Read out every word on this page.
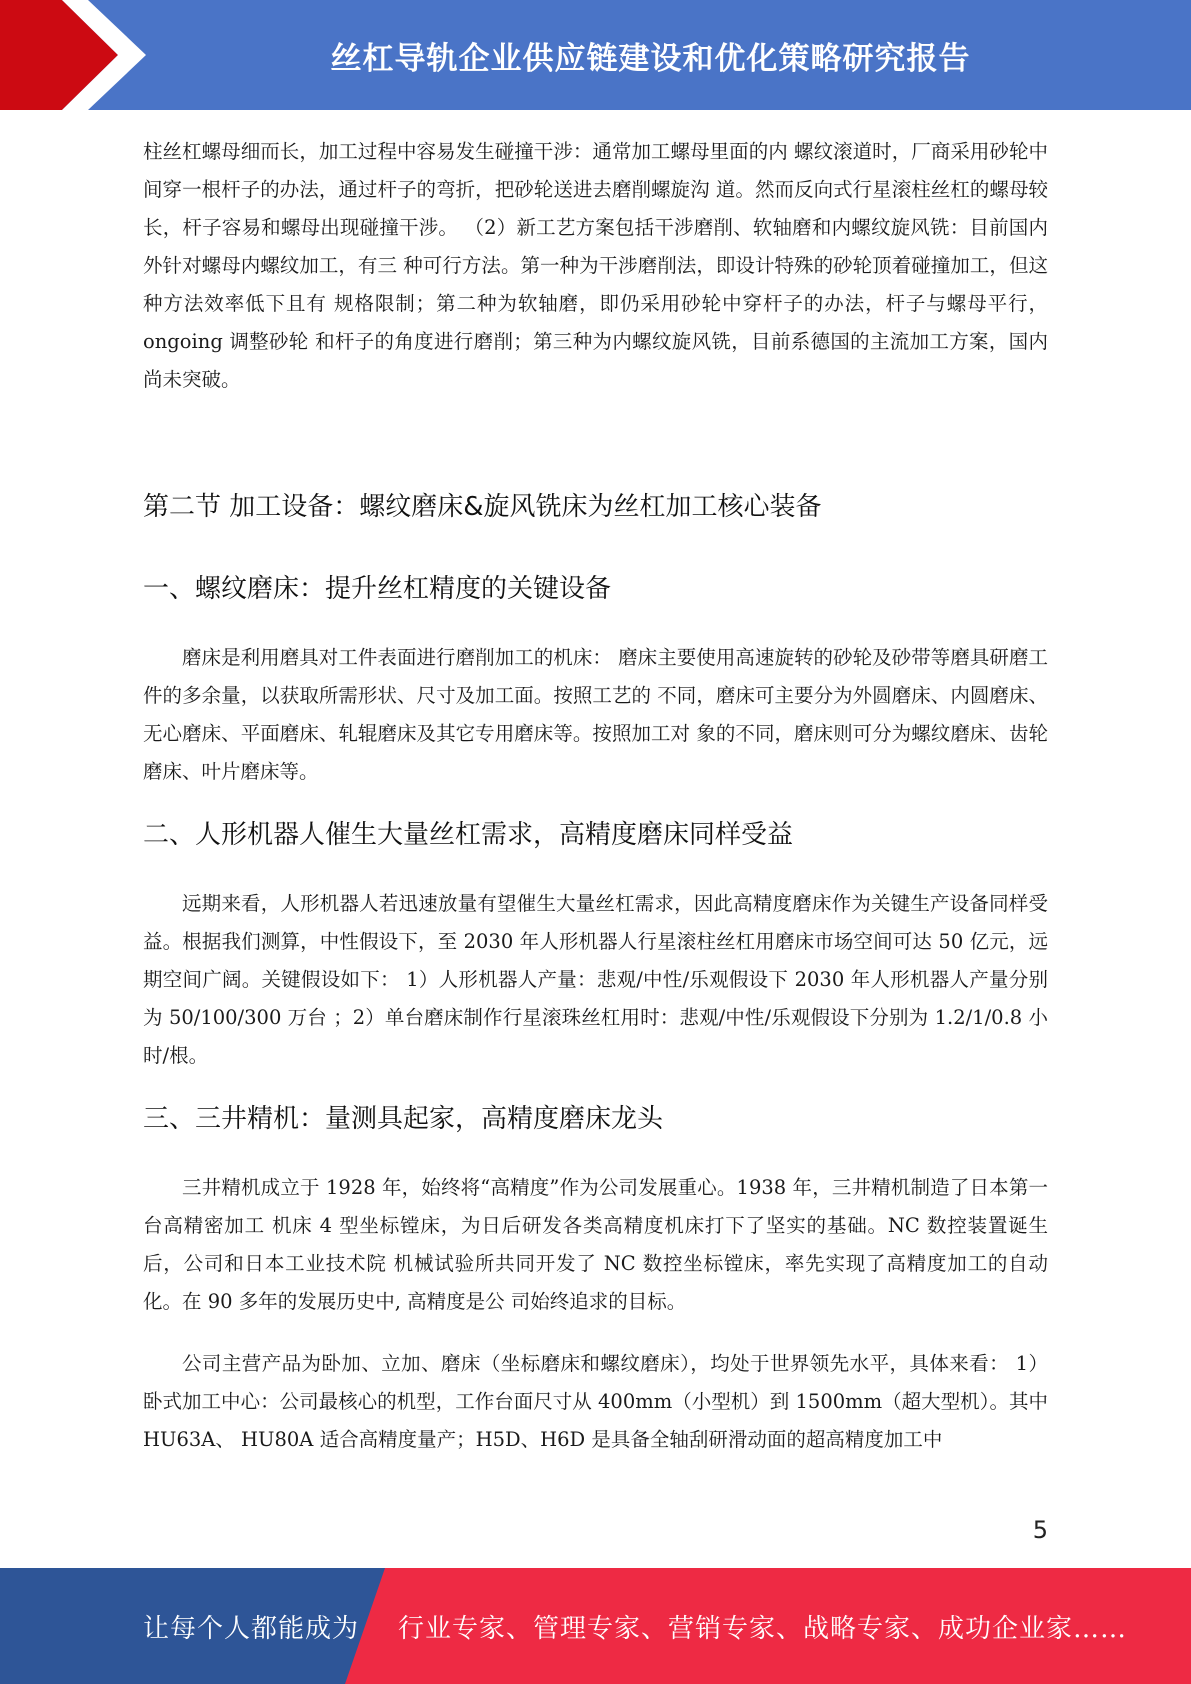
丝杠导轨企业供应链建设和优化策略研究报告

柱丝杠螺母细而长，加工过程中容易发生碰撞干涉：通常加工螺母里面的内 螺纹滚道时，厂商采用砂轮中间穿一根杆子的办法，通过杆子的弯折，把砂轮送进去磨削螺旋沟 道。然而反向式行星滚柱丝杠的螺母较长，杆子容易和螺母出现碰撞干涉。 （2）新工艺方案包括干涉磨削、软轴磨和内螺纹旋风铣：目前国内外针对螺母内螺纹加工，有三 种可行方法。第一种为干涉磨削法，即设计特殊的砂轮顶着碰撞加工，但这种方法效率低下且有 规格限制；第二种为软轴磨，即仍采用砂轮中穿杆子的办法，杆子与螺母平行，ongoing 调整砂轮 和杆子的角度进行磨削；第三种为内螺纹旋风铣，目前系德国的主流加工方案，国内尚未突破。

第二节 加工设备：螺纹磨床&旋风铣床为丝杠加工核心装备
一、螺纹磨床：提升丝杠精度的关键设备

磨床是利用磨具对工件表面进行磨削加工的机床： 磨床主要使用高速旋转的砂轮及砂带等磨具研磨工件的多余量，以获取所需形状、尺寸及加工面。按照工艺的 不同，磨床可主要分为外圆磨床、内圆磨床、无心磨床、平面磨床、轧辊磨床及其它专用磨床等。按照加工对 象的不同，磨床则可分为螺纹磨床、齿轮磨床、叶片磨床等。

二、人形机器人催生大量丝杠需求，高精度磨床同样受益

远期来看，人形机器人若迅速放量有望催生大量丝杠需求，因此高精度磨床作为关键生产设备同样受益。根据我们测算，中性假设下，至 2030 年人形机器人行星滚柱丝杠用磨床市场空间可达 50 亿元，远期空间广阔。关键假设如下： 1）人形机器人产量：悲观/中性/乐观假设下 2030 年人形机器人产量分别为 50/100/300 万台 ；2）单台磨床制作行星滚珠丝杠用时：悲观/中性/乐观假设下分别为 1.2/1/0.8 小时/根。

三、三井精机：量测具起家，高精度磨床龙头

三井精机成立于 1928 年，始终将“高精度”作为公司发展重心。1938 年，三井精机制造了日本第一台高精密加工 机床 4 型坐标镗床，为日后研发各类高精度机床打下了坚实的基础。NC 数控装置诞生后，公司和日本工业技术院 机械试验所共同开发了 NC 数控坐标镗床，率先实现了高精度加工的自动化。在 90 多年的发展历史中, 高精度是公 司始终追求的目标。

公司主营产品为卧加、立加、磨床（坐标磨床和螺纹磨床），均处于世界领先水平，具体来看： 1）卧式加工中心：公司最核心的机型，工作台面尺寸从 400mm（小型机）到 1500mm（超大型机）。其中 HU63A、 HU80A 适合高精度量产；H5D、H6D 是具备全轴刮研滑动面的超高精度加工中

5
让每个人都能成为 行业专家、管理专家、营销专家、战略专家、成功企业家……
